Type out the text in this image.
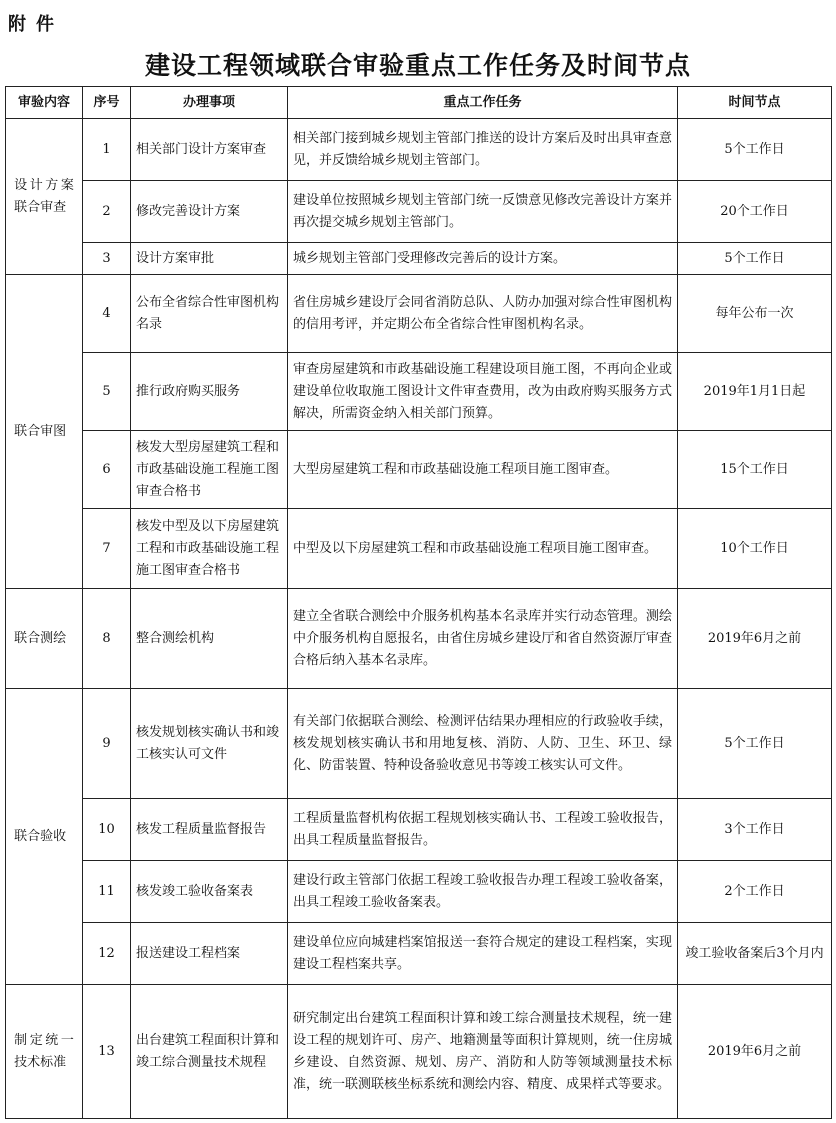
附件
建设工程领域联合审验重点工作任务及时间节点
审验内容	序号	办理事项	重点工作任务	时间节点
设计方案联合审查	1	相关部门设计方案审查	相关部门接到城乡规划主管部门推送的设计方案后及时出具审查意见，并反馈给城乡规划主管部门。	5个工作日
	2	修改完善设计方案	建设单位按照城乡规划主管部门统一反馈意见修改完善设计方案并再次提交城乡规划主管部门。	20个工作日
	3	设计方案审批	城乡规划主管部门受理修改完善后的设计方案。	5个工作日
联合审图	4	公布全省综合性审图机构名录	省住房城乡建设厅会同省消防总队、人防办加强对综合性审图机构的信用考评，并定期公布全省综合性审图机构名录。	每年公布一次
	5	推行政府购买服务	审查房屋建筑和市政基础设施工程建设项目施工图，不再向企业或建设单位收取施工图设计文件审查费用，改为由政府购买服务方式解决，所需资金纳入相关部门预算。	2019年1月1日起
	6	核发大型房屋建筑工程和市政基础设施工程施工图审查合格书	大型房屋建筑工程和市政基础设施工程项目施工图审查。	15个工作日
	7	核发中型及以下房屋建筑工程和市政基础设施工程施工图审查合格书	中型及以下房屋建筑工程和市政基础设施工程项目施工图审查。	10个工作日
联合测绘	8	整合测绘机构	建立全省联合测绘中介服务机构基本名录库并实行动态管理。测绘中介服务机构自愿报名，由省住房城乡建设厅和省自然资源厅审查合格后纳入基本名录库。	2019年6月之前
联合验收	9	核发规划核实确认书和竣工核实认可文件	有关部门依据联合测绘、检测评估结果办理相应的行政验收手续，核发规划核实确认书和用地复核、消防、人防、卫生、环卫、绿化、防雷装置、特种设备验收意见书等竣工核实认可文件。	5个工作日
	10	核发工程质量监督报告	工程质量监督机构依据工程规划核实确认书、工程竣工验收报告，出具工程质量监督报告。	3个工作日
	11	核发竣工验收备案表	建设行政主管部门依据工程竣工验收报告办理工程竣工验收备案，出具工程竣工验收备案表。	2个工作日
	12	报送建设工程档案	建设单位应向城建档案馆报送一套符合规定的建设工程档案，实现建设工程档案共享。	竣工验收备案后3个月内
制定统一技术标准	13	出台建筑工程面积计算和竣工综合测量技术规程	研究制定出台建筑工程面积计算和竣工综合测量技术规程，统一建设工程的规划许可、房产、地籍测量等面积计算规则，统一住房城乡建设、自然资源、规划、房产、消防和人防等领域测量技术标准，统一联测联核坐标系统和测绘内容、精度、成果样式等要求。	2019年6月之前
